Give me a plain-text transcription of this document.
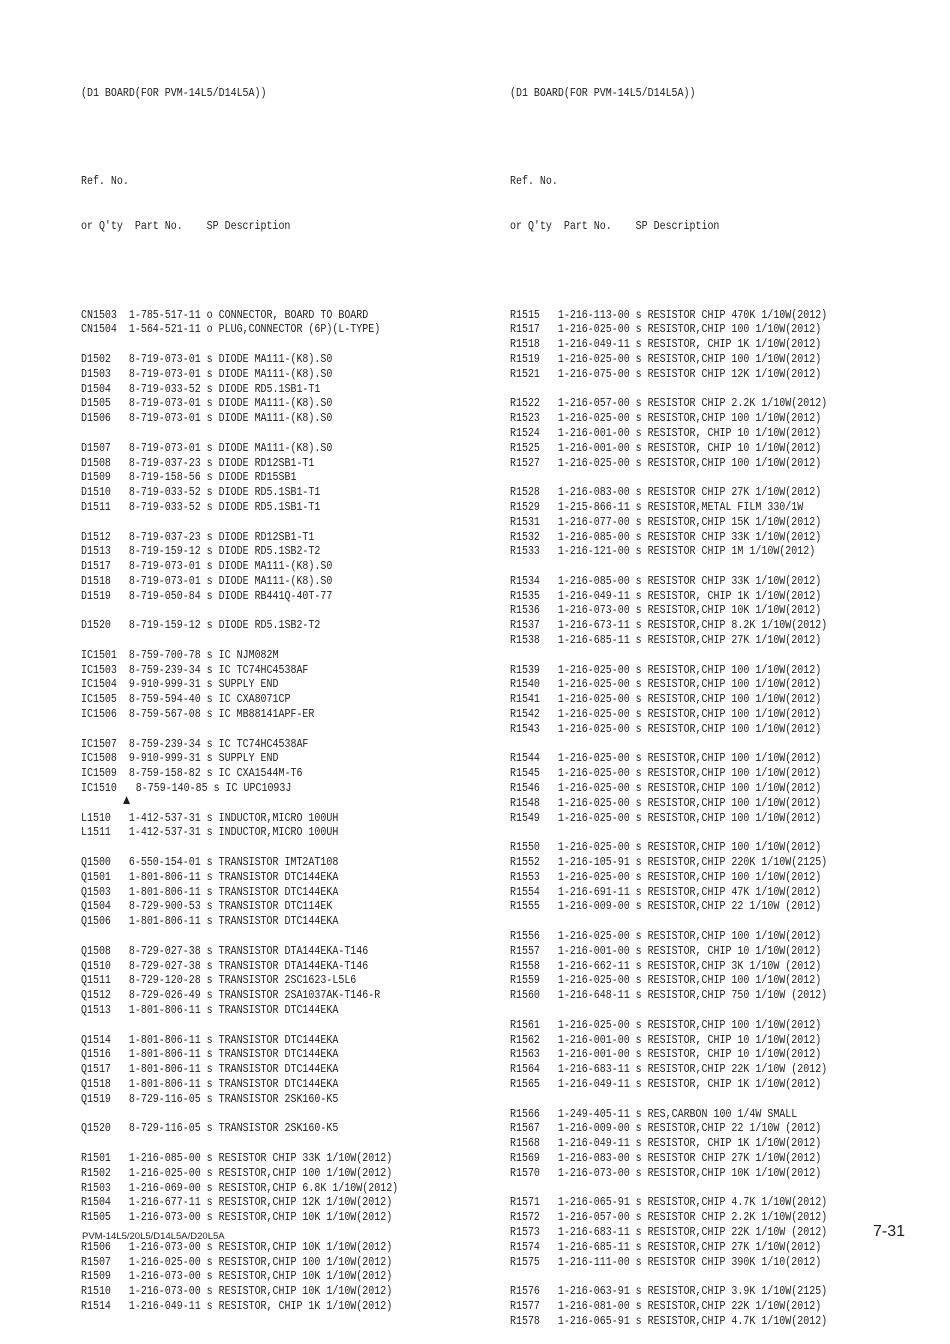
(D1 BOARD(FOR PVM-14L5/D14L5A))

Ref. No.

or Q'ty  Part No.    SP Description

CN1503 1-785-517-11 o CONNECTOR, BOARD TO BOARD
CN1504 1-564-521-11 o PLUG,CONNECTOR (6P)(L-TYPE)
D1502 8-719-073-01 s DIODE MA111-(K8).S0
D1503 8-719-073-01 s DIODE MA111-(K8).S0
D1504 8-719-033-52 s DIODE RD5.1SB1-T1
D1505 8-719-073-01 s DIODE MA111-(K8).S0
D1506 8-719-073-01 s DIODE MA111-(K8).S0
D1507 8-719-073-01 s DIODE MA111-(K8).S0
D1508 8-719-037-23 s DIODE RD12SB1-T1
D1509 8-719-158-56 s DIODE RD15SB1
D1510 8-719-033-52 s DIODE RD5.1SB1-T1
D1511 8-719-033-52 s DIODE RD5.1SB1-T1
D1512 8-719-037-23 s DIODE RD12SB1-T1
D1513 8-719-159-12 s DIODE RD5.1SB2-T2
D1517 8-719-073-01 s DIODE MA111-(K8).S0
D1518 8-719-073-01 s DIODE MA111-(K8).S0
D1519 8-719-050-84 s DIODE RB441Q-40T-77
D1520 8-719-159-12 s DIODE RD5.1SB2-T2
IC1501 8-759-700-78 s IC NJM082M
IC1503 8-759-239-34 s IC TC74HC4538AF
IC1504 9-910-999-31 s SUPPLY END
IC1505 8-759-594-40 s IC CXA8071CP
IC1506 8-759-567-08 s IC MB88141APF-ER
IC1507 8-759-239-34 s IC TC74HC4538AF
IC1508 9-910-999-31 s SUPPLY END
IC1509 8-759-158-82 s IC CXA1544M-T6
IC1510 8-759-140-85 s IC UPC1093J
L1510 1-412-537-31 s INDUCTOR,MICRO 100UH
L1511 1-412-537-31 s INDUCTOR,MICRO 100UH
Q1500 6-550-154-01 s TRANSISTOR IMT2AT108
Q1501 1-801-806-11 s TRANSISTOR DTC144EKA
Q1503 1-801-806-11 s TRANSISTOR DTC144EKA
Q1504 8-729-900-53 s TRANSISTOR DTC114EK
Q1506 1-801-806-11 s TRANSISTOR DTC144EKA
Q1508 8-729-027-38 s TRANSISTOR DTA144EKA-T146
Q1510 8-729-027-38 s TRANSISTOR DTA144EKA-T146
Q1511 8-729-120-28 s TRANSISTOR 2SC1623-L5L6
Q1512 8-729-026-49 s TRANSISTOR 2SA1037AK-T146-R
Q1513 1-801-806-11 s TRANSISTOR DTC144EKA
Q1514 1-801-806-11 s TRANSISTOR DTC144EKA
Q1516 1-801-806-11 s TRANSISTOR DTC144EKA
Q1517 1-801-806-11 s TRANSISTOR DTC144EKA
Q1518 1-801-806-11 s TRANSISTOR DTC144EKA
Q1519 8-729-116-05 s TRANSISTOR 2SK160-K5
Q1520 8-729-116-05 s TRANSISTOR 2SK160-K5
R1501 1-216-085-00 s RESISTOR CHIP 33K 1/10W(2012)
R1502 1-216-025-00 s RESISTOR,CHIP 100 1/10W(2012)
R1503 1-216-069-00 s RESISTOR,CHIP 6.8K 1/10W(2012)
R1504 1-216-677-11 s RESISTOR,CHIP 12K 1/10W(2012)
R1505 1-216-073-00 s RESISTOR,CHIP 10K 1/10W(2012)
R1506 1-216-073-00 s RESISTOR,CHIP 10K 1/10W(2012)
R1507 1-216-025-00 s RESISTOR,CHIP 100 1/10W(2012)
R1509 1-216-073-00 s RESISTOR,CHIP 10K 1/10W(2012)
R1510 1-216-073-00 s RESISTOR,CHIP 10K 1/10W(2012)
R1514 1-216-049-11 s RESISTOR, CHIP 1K 1/10W(2012)

(D1 BOARD(FOR PVM-14L5/D14L5A))

Ref. No.

or Q'ty  Part No.    SP Description

R1515 1-216-113-00 s RESISTOR CHIP 470K 1/10W(2012)
R1517 1-216-025-00 s RESISTOR,CHIP 100 1/10W(2012)
R1518 1-216-049-11 s RESISTOR, CHIP 1K 1/10W(2012)
R1519 1-216-025-00 s RESISTOR,CHIP 100 1/10W(2012)
R1521 1-216-075-00 s RESISTOR CHIP 12K 1/10W(2012)
R1522 1-216-057-00 s RESISTOR CHIP 2.2K 1/10W(2012)
R1523 1-216-025-00 s RESISTOR,CHIP 100 1/10W(2012)
R1524 1-216-001-00 s RESISTOR, CHIP 10 1/10W(2012)
R1525 1-216-001-00 s RESISTOR, CHIP 10 1/10W(2012)
R1527 1-216-025-00 s RESISTOR,CHIP 100 1/10W(2012)
R1528 1-216-083-00 s RESISTOR CHIP 27K 1/10W(2012)
R1529 1-215-866-11 s RESISTOR,METAL FILM 330/1W
R1531 1-216-077-00 s RESISTOR,CHIP 15K 1/10W(2012)
R1532 1-216-085-00 s RESISTOR CHIP 33K 1/10W(2012)
R1533 1-216-121-00 s RESISTOR CHIP 1M 1/10W(2012)
R1534 1-216-085-00 s RESISTOR CHIP 33K 1/10W(2012)
R1535 1-216-049-11 s RESISTOR, CHIP 1K 1/10W(2012)
R1536 1-216-073-00 s RESISTOR,CHIP 10K 1/10W(2012)
R1537 1-216-673-11 s RESISTOR,CHIP 8.2K 1/10W(2012)
R1538 1-216-685-11 s RESISTOR,CHIP 27K 1/10W(2012)
R1539 1-216-025-00 s RESISTOR,CHIP 100 1/10W(2012)
R1540 1-216-025-00 s RESISTOR,CHIP 100 1/10W(2012)
R1541 1-216-025-00 s RESISTOR,CHIP 100 1/10W(2012)
R1542 1-216-025-00 s RESISTOR,CHIP 100 1/10W(2012)
R1543 1-216-025-00 s RESISTOR,CHIP 100 1/10W(2012)
R1544 1-216-025-00 s RESISTOR,CHIP 100 1/10W(2012)
R1545 1-216-025-00 s RESISTOR,CHIP 100 1/10W(2012)
R1546 1-216-025-00 s RESISTOR,CHIP 100 1/10W(2012)
R1548 1-216-025-00 s RESISTOR,CHIP 100 1/10W(2012)
R1549 1-216-025-00 s RESISTOR,CHIP 100 1/10W(2012)
R1550 1-216-025-00 s RESISTOR,CHIP 100 1/10W(2012)
R1552 1-216-105-91 s RESISTOR,CHIP 220K 1/10W(2125)
R1553 1-216-025-00 s RESISTOR,CHIP 100 1/10W(2012)
R1554 1-216-691-11 s RESISTOR,CHIP 47K 1/10W(2012)
R1555 1-216-009-00 s RESISTOR,CHIP 22 1/10W (2012)
R1556 1-216-025-00 s RESISTOR,CHIP 100 1/10W(2012)
R1557 1-216-001-00 s RESISTOR, CHIP 10 1/10W(2012)
R1558 1-216-662-11 s RESISTOR,CHIP 3K 1/10W (2012)
R1559 1-216-025-00 s RESISTOR,CHIP 100 1/10W(2012)
R1560 1-216-648-11 s RESISTOR,CHIP 750 1/10W (2012)
R1561 1-216-025-00 s RESISTOR,CHIP 100 1/10W(2012)
R1562 1-216-001-00 s RESISTOR, CHIP 10 1/10W(2012)
R1563 1-216-001-00 s RESISTOR, CHIP 10 1/10W(2012)
R1564 1-216-683-11 s RESISTOR,CHIP 22K 1/10W (2012)
R1565 1-216-049-11 s RESISTOR, CHIP 1K 1/10W(2012)
R1566 1-249-405-11 s RES,CARBON 100 1/4W SMALL
R1567 1-216-009-00 s RESISTOR,CHIP 22 1/10W (2012)
R1568 1-216-049-11 s RESISTOR, CHIP 1K 1/10W(2012)
R1569 1-216-083-00 s RESISTOR CHIP 27K 1/10W(2012)
R1570 1-216-073-00 s RESISTOR,CHIP 10K 1/10W(2012)
R1571 1-216-065-91 s RESISTOR,CHIP 4.7K 1/10W(2012)
R1572 1-216-057-00 s RESISTOR CHIP 2.2K 1/10W(2012)
R1573 1-216-683-11 s RESISTOR,CHIP 22K 1/10W (2012)
R1574 1-216-685-11 s RESISTOR,CHIP 27K 1/10W(2012)
R1575 1-216-111-00 s RESISTOR CHIP 390K 1/10(2012)
R1576 1-216-063-91 s RESISTOR,CHIP 3.9K 1/10W(2125)
R1577 1-216-081-00 s RESISTOR,CHIP 22K 1/10W(2012)
R1578 1-216-065-91 s RESISTOR,CHIP 4.7K 1/10W(2012)

PVM-14L5/20L5/D14L5A/D20L5A	7-31
